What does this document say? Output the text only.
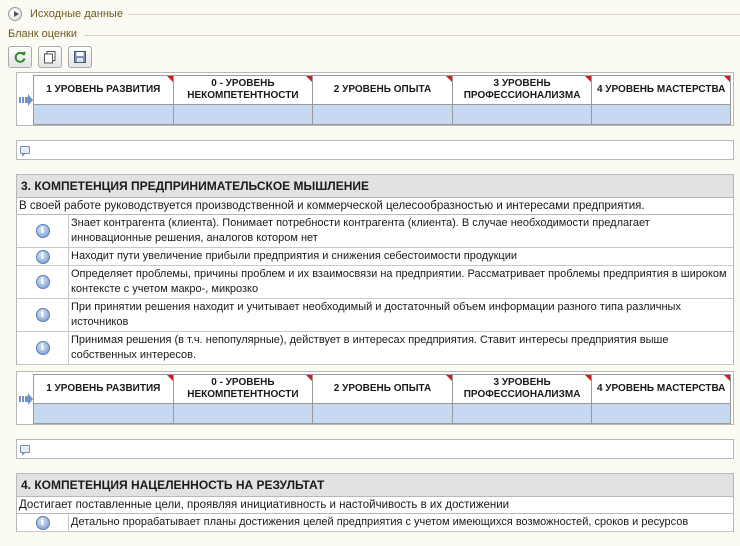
Исходные данные
Бланк оценки
1 УРОВЕНЬ РАЗВИТИЯ
0 - УРОВЕНЬ НЕКОМПЕТЕНТНОСТИ
2 УРОВЕНЬ ОПЫТА
3 УРОВЕНЬ ПРОФЕССИОНАЛИЗМА
4 УРОВЕНЬ МАСТЕРСТВА
3. КОМПЕТЕНЦИЯ ПРЕДПРИНИМАТЕЛЬСКОЕ МЫШЛЕНИЕ
В своей работе руководствуется производственной и коммерческой целесообразностью и интересами предприятия.
i
Знает контрагента (клиента). Понимает потребности контрагента (клиента). В случае необходимости предлагает инновационные решения, аналогов котором нет
i	Находит пути увеличение прибыли предприятия и снижения себестоимости продукции
i
Определяет проблемы, причины проблем и их взаимосвязи на предприятии. Рассматривает проблемы предприятия в широком контексте с учетом макро-, микрозко
i
При принятии решения находит и учитывает необходимый и достаточный объем информации разного типа различных источников
i
Принимая решения (в т.ч. непопулярные), действует в интересах предприятия. Ставит интересы предприятия выше собственных интересов.
1 УРОВЕНЬ РАЗВИТИЯ
0 - УРОВЕНЬ НЕКОМПЕТЕНТНОСТИ
2 УРОВЕНЬ ОПЫТА
3 УРОВЕНЬ ПРОФЕССИОНАЛИЗМА
4 УРОВЕНЬ МАСТЕРСТВА
4. КОМПЕТЕНЦИЯ НАЦЕЛЕННОСТЬ НА РЕЗУЛЬТАТ
Достигает поставленные цели, проявляя инициативность и настойчивость в их достижении
i	Детально прорабатывает планы достижения целей предприятия с учетом имеющихся возможностей, сроков и ресурсов
